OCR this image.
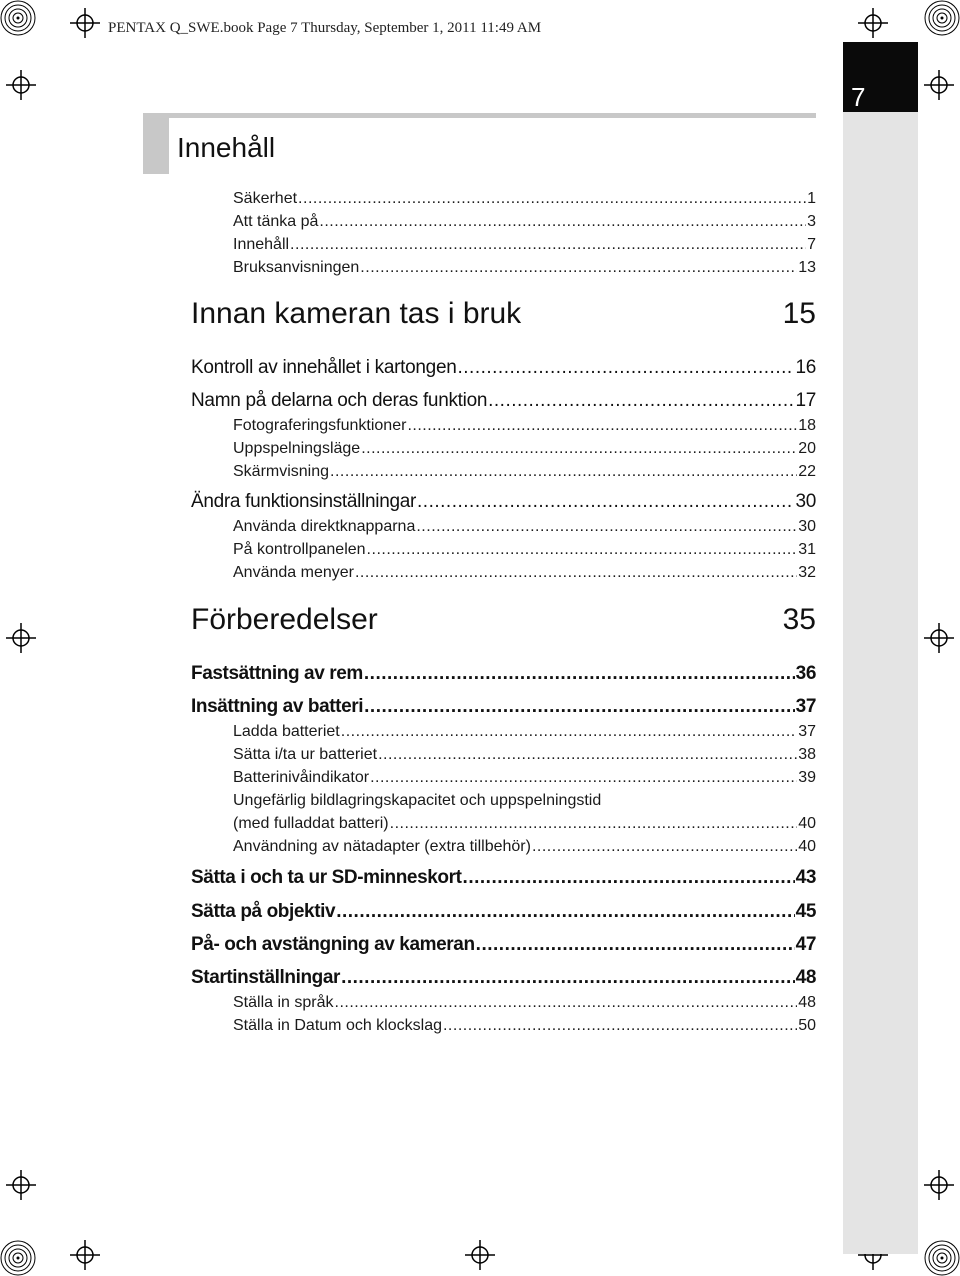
PENTAX Q_SWE.book Page 7 Thursday, September 1, 2011 11:49 AM
7
Innehåll
Säkerhet .....	1
Att tänka på .....	3
Innehåll .....	7
Bruksanvisningen .....	13
Innan kameran tas i bruk	15
Kontroll av innehållet i kartongen .....	16
Namn på delarna och deras funktion .....	17
Fotograferingsfunktioner .....	18
Uppspelningsläge .....	20
Skärmvisning .....	22
Ändra funktionsinställningar .....	30
Använda direktknapparna .....	30
På kontrollpanelen .....	31
Använda menyer .....	32
Förberedelser	35
Fastsättning av rem .....	36
Insättning av batteri .....	37
Ladda batteriet .....	37
Sätta i/ta ur batteriet .....	38
Batterinivåindikator .....	39
Ungefärlig bildlagringskapacitet och uppspelningstid
(med fulladdat batteri) .....	40
Användning av nätadapter (extra tillbehör) .....	40
Sätta i och ta ur SD-minneskort .....	43
Sätta på objektiv .....	45
På- och avstängning av kameran .....	47
Startinställningar .....	48
Ställa in språk .....	48
Ställa in Datum och klockslag .....	50
